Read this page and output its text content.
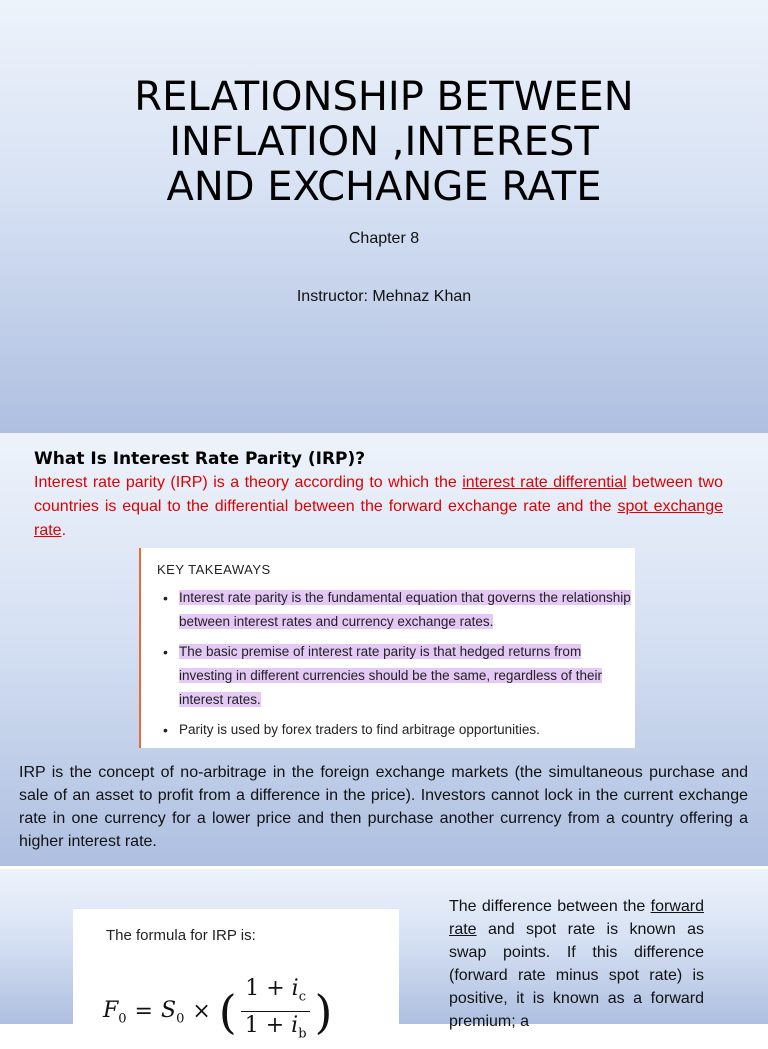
RELATIONSHIP BETWEEN
INFLATION ,INTEREST
AND EXCHANGE RATE
Chapter 8
Instructor: Mehnaz Khan
What Is Interest Rate Parity (IRP)?
Interest rate parity (IRP) is a theory according to which the interest rate differential between two countries is equal to the differential between the forward exchange rate and the spot exchange rate.
KEY TAKEAWAYS
• Interest rate parity is the fundamental equation that governs the relationship between interest rates and currency exchange rates.
• The basic premise of interest rate parity is that hedged returns from investing in different currencies should be the same, regardless of their interest rates.
• Parity is used by forex traders to find arbitrage opportunities.
IRP is the concept of no-arbitrage in the foreign exchange markets (the simultaneous purchase and sale of an asset to profit from a difference in the price). Investors cannot lock in the current exchange rate in one currency for a lower price and then purchase another currency from a country offering a higher interest rate.
The formula for IRP is:
$F_0 = S_0$ × ( $\frac{1 + i_c}{1 + i_b}$ )
The difference between the forward rate and spot rate is known as swap points. If this difference (forward rate minus spot rate) is positive, it is known as a forward premium; a
